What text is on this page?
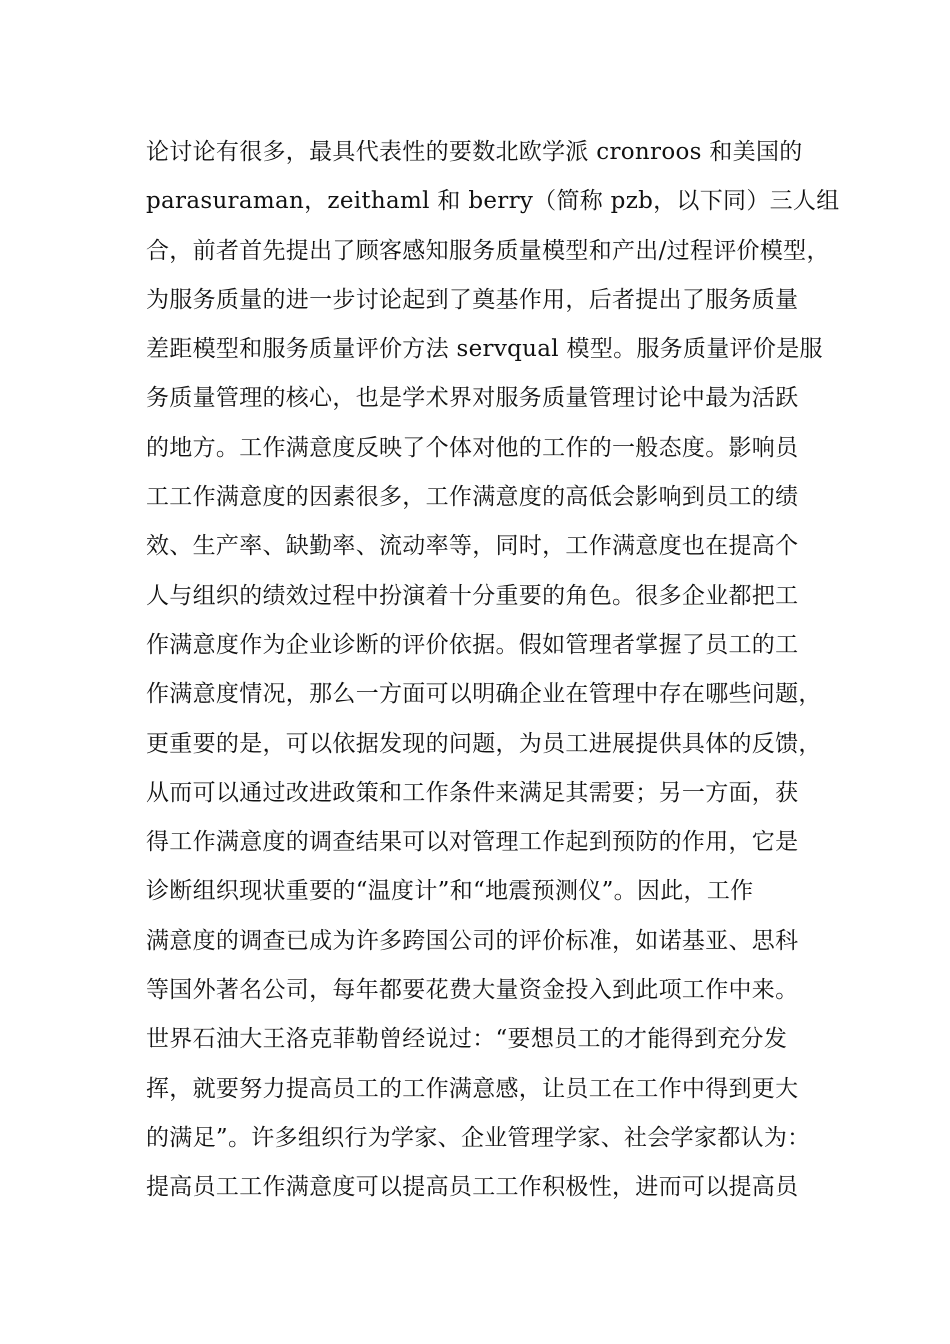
论讨论有很多，最具代表性的要数北欧学派 cronroos 和美国的
parasuraman，zeithaml 和 berry（简称 pzb，以下同）三人组
合，前者首先提出了顾客感知服务质量模型和产出/过程评价模型，
为服务质量的进一步讨论起到了奠基作用，后者提出了服务质量
差距模型和服务质量评价方法 servqual 模型。服务质量评价是服
务质量管理的核心，也是学术界对服务质量管理讨论中最为活跃
的地方。工作满意度反映了个体对他的工作的一般态度。影响员
工工作满意度的因素很多，工作满意度的高低会影响到员工的绩
效、生产率、缺勤率、流动率等，同时，工作满意度也在提高个
人与组织的绩效过程中扮演着十分重要的角色。很多企业都把工
作满意度作为企业诊断的评价依据。假如管理者掌握了员工的工
作满意度情况，那么一方面可以明确企业在管理中存在哪些问题，
更重要的是，可以依据发现的问题，为员工进展提供具体的反馈，
从而可以通过改进政策和工作条件来满足其需要；另一方面，获
得工作满意度的调查结果可以对管理工作起到预防的作用，它是
诊断组织现状重要的“温度计”和“地震预测仪”。因此，工作
满意度的调查已成为许多跨国公司的评价标准，如诺基亚、思科
等国外著名公司，每年都要花费大量资金投入到此项工作中来。
世界石油大王洛克菲勒曾经说过：“要想员工的才能得到充分发
挥，就要努力提高员工的工作满意感，让员工在工作中得到更大
的满足”。许多组织行为学家、企业管理学家、社会学家都认为：
提高员工工作满意度可以提高员工工作积极性，进而可以提高员
